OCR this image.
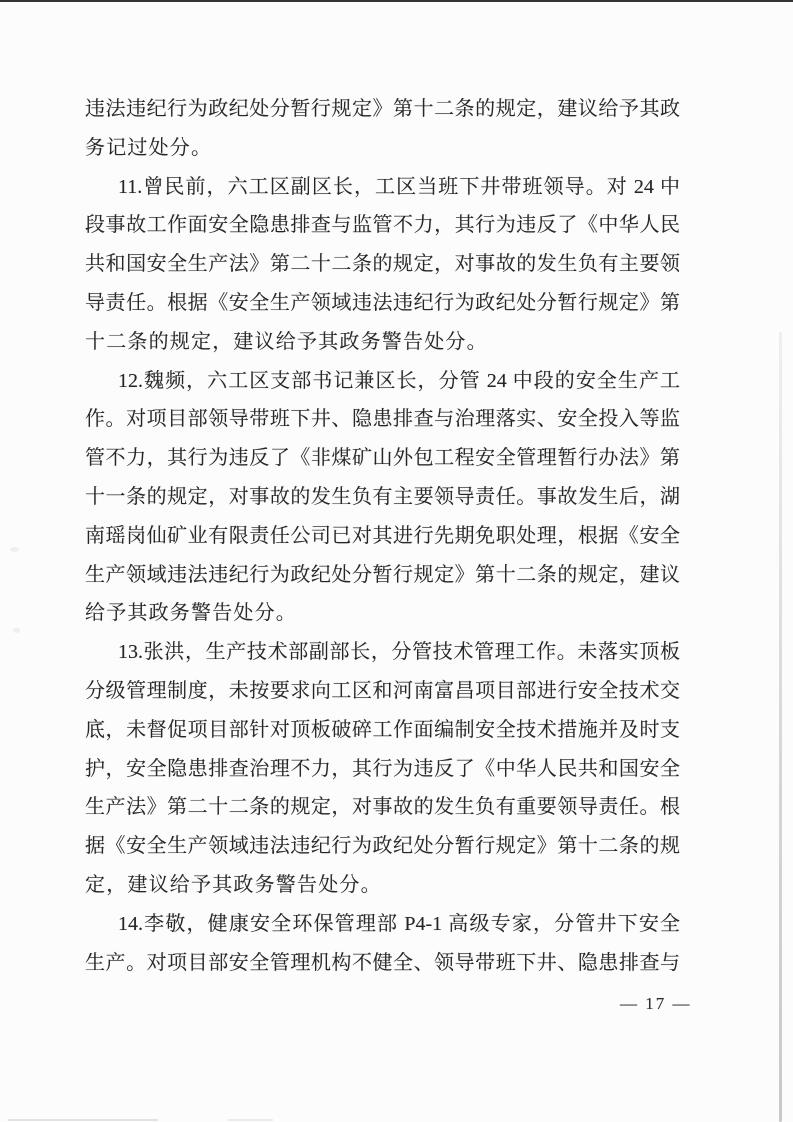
违法违纪行为政纪处分暂行规定》第十二条的规定，建议给予其政
务记过处分。
11.曾民前，六工区副区长，工区当班下井带班领导。对 24 中
段事故工作面安全隐患排查与监管不力，其行为违反了《中华人民
共和国安全生产法》第二十二条的规定，对事故的发生负有主要领
导责任。根据《安全生产领域违法违纪行为政纪处分暂行规定》第
十二条的规定，建议给予其政务警告处分。
12.魏频，六工区支部书记兼区长，分管 24 中段的安全生产工
作。对项目部领导带班下井、隐患排查与治理落实、安全投入等监
管不力，其行为违反了《非煤矿山外包工程安全管理暂行办法》第
十一条的规定，对事故的发生负有主要领导责任。事故发生后，湖
南瑶岗仙矿业有限责任公司已对其进行先期免职处理，根据《安全
生产领域违法违纪行为政纪处分暂行规定》第十二条的规定，建议
给予其政务警告处分。
13.张洪，生产技术部副部长，分管技术管理工作。未落实顶板
分级管理制度，未按要求向工区和河南富昌项目部进行安全技术交
底，未督促项目部针对顶板破碎工作面编制安全技术措施并及时支
护，安全隐患排查治理不力，其行为违反了《中华人民共和国安全
生产法》第二十二条的规定，对事故的发生负有重要领导责任。根
据《安全生产领域违法违纪行为政纪处分暂行规定》第十二条的规
定，建议给予其政务警告处分。
14.李敬，健康安全环保管理部 P4-1 高级专家，分管井下安全
生产。对项目部安全管理机构不健全、领导带班下井、隐患排查与
— 17 —
